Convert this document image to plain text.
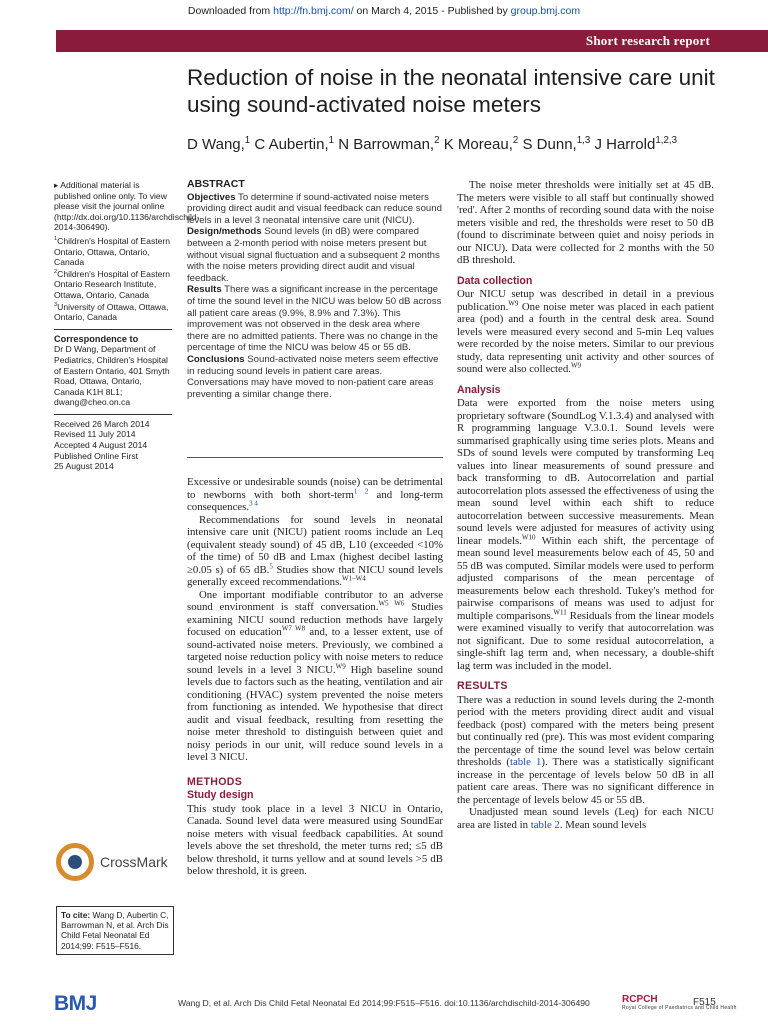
Downloaded from http://fn.bmj.com/ on March 4, 2015 - Published by group.bmj.com
Short research report
Reduction of noise in the neonatal intensive care unit using sound-activated noise meters
D Wang,$^1$ C Aubertin,$^1$ N Barrowman,$^2$ K Moreau,$^2$ S Dunn,$^{1,3}$ J Harrold$^{1,2,3}$

▸ Additional material is published online only. To view please visit the journal online (http://dx.doi.org/10.1136/archdischild-2014-306490).

$^1$Children's Hospital of Eastern Ontario, Ottawa, Ontario, Canada

$^2$Children's Hospital of Eastern Ontario Research Institute, Ottawa, Ontario, Canada

$^3$University of Ottawa, Ottawa, Ontario, Canada

Correspondence to

Dr D Wang, Department of Pediatrics, Children's Hospital of Eastern Ontario, 401 Smyth Road, Ottawa, Ontario, Canada K1H 8L1; dwang@cheo.on.ca

Received 26 March 2014
Revised 11 July 2014
Accepted 4 August 2014
Published Online First
25 August 2014
ABSTRACT

Objectives To determine if sound-activated noise meters providing direct audit and visual feedback can reduce sound levels in a level 3 neonatal intensive care unit (NICU).

Design/methods Sound levels (in dB) were compared between a 2-month period with noise meters present but without visual signal fluctuation and a subsequent 2 months with the noise meters providing direct audit and visual feedback.

Results There was a significant increase in the percentage of time the sound level in the NICU was below 50 dB across all patient care areas (9.9%, 8.9% and 7.3%). This improvement was not observed in the desk area where there are no admitted patients. There was no change in the percentage of time the NICU was below 45 or 55 dB.

Conclusions Sound-activated noise meters seem effective in reducing sound levels in patient care areas. Conversations may have moved to non-patient care areas preventing a similar change there.

Excessive or undesirable sounds (noise) can be detrimental to newborns with both short-term$^{1 2}$ and long-term consequences.$^{3 4}$

Recommendations for sound levels in neonatal intensive care unit (NICU) patient rooms include an Leq (equivalent steady sound) of 45 dB, L10 (exceeded <10% of the time) of 50 dB and Lmax (highest decibel lasting ≥0.05 s) of 65 dB.$^5$ Studies show that NICU sound levels generally exceed recommendations.$^{W1-W4}$

One important modifiable contributor to an adverse sound environment is staff conversation.$^{W5 W6}$ Studies examining NICU sound reduction methods have largely focused on education$^{W7 W8}$ and, to a lesser extent, use of sound-activated noise meters. Previously, we combined a targeted noise reduction policy with noise meters to reduce sound levels in a level 3 NICU.$^{W9}$ High baseline sound levels due to factors such as the heating, ventilation and air conditioning (HVAC) system prevented the noise meters from functioning as intended. We hypothesise that direct audit and visual feedback, resulting from resetting the noise meter threshold to distinguish between quiet and noisy periods in our unit, will reduce sound levels in a level 3 NICU.

METHODS
Study design

This study took place in a level 3 NICU in Ontario, Canada. Sound level data were measured using SoundEar noise meters with visual feedback capabilities. At sound levels above the set threshold, the meter turns red; ≤5 dB below threshold, it turns yellow and at sound levels >5 dB below threshold, it is green.

The noise meter thresholds were initially set at 45 dB. The meters were visible to all staff but continually showed 'red'. After 2 months of recording sound data with the noise meters visible and red, the thresholds were reset to 50 dB (found to discriminate between quiet and noisy periods in our NICU). Data were collected for 2 months with the 50 dB threshold.

Data collection

Our NICU setup was described in detail in a previous publication.$^{W9}$ One noise meter was placed in each patient area (pod) and a fourth in the central desk area. Sound levels were measured every second and 5-min Leq values were recorded by the noise meters. Similar to our previous study, data representing unit activity and other sources of sound were also collected.$^{W9}$

Analysis

Data were exported from the noise meters using proprietary software (SoundLog V.1.3.4) and analysed with R programming language V.3.0.1. Sound levels were summarised graphically using time series plots. Means and SDs of sound levels were computed by transforming Leq values into linear measurements of sound pressure and back transforming to dB. Autocorrelation and partial autocorrelation plots assessed the effectiveness of using the mean sound level within each shift to reduce autocorrelation between successive measurements. Mean sound levels were adjusted for measures of activity using linear models.$^{W10}$ Within each shift, the percentage of mean sound level measurements below each of 45, 50 and 55 dB was computed. Similar models were used to perform adjusted comparisons of the mean percentage of measurements below each threshold. Tukey's method for pairwise comparisons of means was used to adjust for multiple comparisons.$^{W11}$ Residuals from the linear models were examined visually to verify that autocorrelation was not significant. Due to some residual autocorrelation, a single-shift lag term and, when necessary, a double-shift lag term was included in the model.

RESULTS

There was a reduction in sound levels during the 2-month period with the meters providing direct audit and visual feedback (post) compared with the meters being present but continually red (pre). This was most evident comparing the percentage of time the sound level was below certain thresholds (table 1). There was a statistically significant increase in the percentage of levels below 50 dB in all patient care areas. There was no significant difference in the percentage of levels below 45 or 55 dB.

Unadjusted mean sound levels (Leq) for each NICU area are listed in table 2. Mean sound levels

CrossMark
To cite: Wang D, Aubertin C, Barrowman N, et al. Arch Dis Child Fetal Neonatal Ed 2014;99: F515–F516.
BMJ	Wang D, et al. Arch Dis Child Fetal Neonatal Ed 2014;99:F515–F516. doi:10.1136/archdischild-2014-306490	RCPCH
Royal College of Paediatrics and Child Health
F515
